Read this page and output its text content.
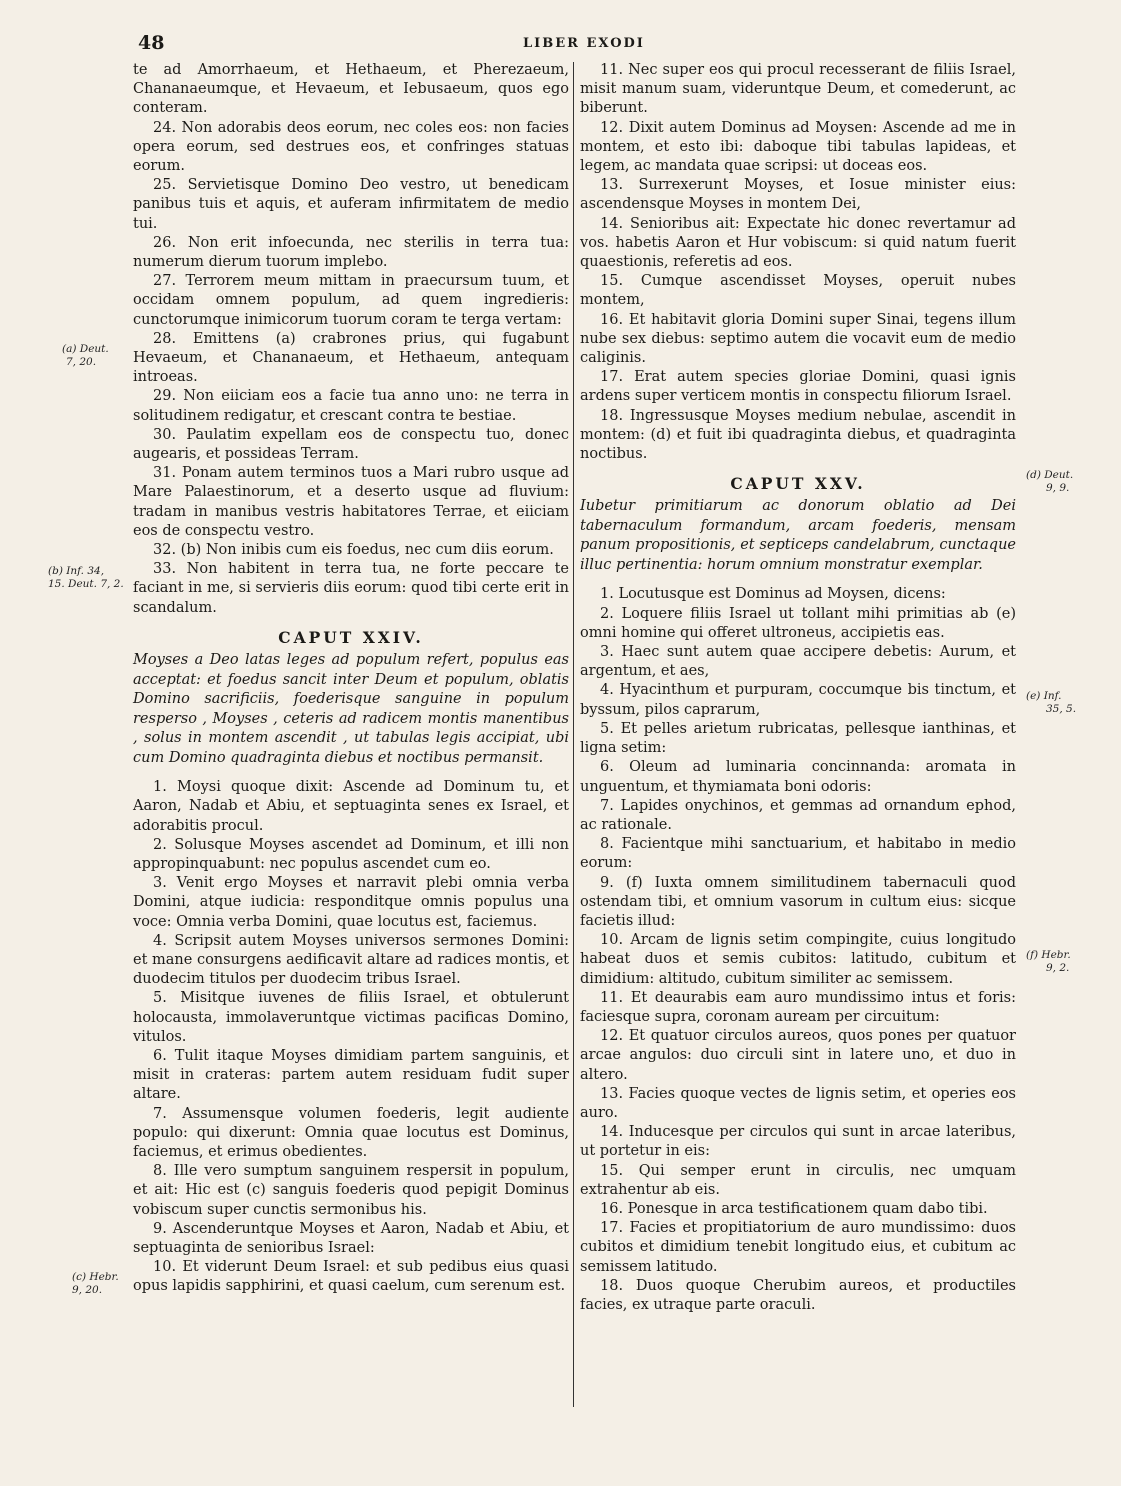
48	LIBER EXODI

te ad Amorrhaeum, et Hethaeum, et Pherezaeum, Chananaeumque, et Hevaeum, et Iebusaeum, quos ego conteram.

24. Non adorabis deos eorum, nec coles eos: non facies opera eorum, sed destrues eos, et confringes statuas eorum.

25. Servietisque Domino Deo vestro, ut benedicam panibus tuis et aquis, et auferam infirmitatem de medio tui.

26. Non erit infoecunda, nec sterilis in terra tua: numerum dierum tuorum implebo.

27. Terrorem meum mittam in praecursum tuum, et occidam omnem populum, ad quem ingredieris: cunctorumque inimicorum tuorum coram te terga vertam:

28. Emittens (a) crabrones prius, qui fugabunt Hevaeum, et Chananaeum, et Hethaeum, antequam introeas.

29. Non eiiciam eos a facie tua anno uno: ne terra in solitudinem redigatur, et crescant contra te bestiae.

30. Paulatim expellam eos de conspectu tuo, donec augearis, et possideas Terram.

31. Ponam autem terminos tuos a Mari rubro usque ad Mare Palaestinorum, et a deserto usque ad fluvium: tradam in manibus vestris habitatores Terrae, et eiiciam eos de conspectu vestro.

32. (b) Non inibis cum eis foedus, nec cum diis eorum.

33. Non habitent in terra tua, ne forte peccare te faciant in me, si servieris diis eorum: quod tibi certe erit in scandalum.

CAPUT XXIV.

Moyses a Deo latas leges ad populum refert, populus eas acceptat: et foedus sancit inter Deum et populum, oblatis Domino sacrificiis, foederisque sanguine in populum resperso , Moyses , ceteris ad radicem montis manentibus , solus in montem ascendit , ut tabulas legis accipiat, ubi cum Domino quadraginta diebus et noctibus permansit.

1. Moysi quoque dixit: Ascende ad Dominum tu, et Aaron, Nadab et Abiu, et septuaginta senes ex Israel, et adorabitis procul.

2. Solusque Moyses ascendet ad Dominum, et illi non appropinquabunt: nec populus ascendet cum eo.

3. Venit ergo Moyses et narravit plebi omnia verba Domini, atque iudicia: responditque omnis populus una voce: Omnia verba Domini, quae locutus est, faciemus.

4. Scripsit autem Moyses universos sermones Domini: et mane consurgens aedificavit altare ad radices montis, et duodecim titulos per duodecim tribus Israel.

5. Misitque iuvenes de filiis Israel, et obtulerunt holocausta, immolaveruntque victimas pacificas Domino, vitulos.

6. Tulit itaque Moyses dimidiam partem sanguinis, et misit in crateras: partem autem residuam fudit super altare.

7. Assumensque volumen foederis, legit audiente populo: qui dixerunt: Omnia quae locutus est Dominus, faciemus, et erimus obedientes.

8. Ille vero sumptum sanguinem respersit in populum, et ait: Hic est (c) sanguis foederis quod pepigit Dominus vobiscum super cunctis sermonibus his.

9. Ascenderuntque Moyses et Aaron, Nadab et Abiu, et septuaginta de senioribus Israel:

10. Et viderunt Deum Israel: et sub pedibus eius quasi opus lapidis sapphirini, et quasi caelum, cum serenum est.

11. Nec super eos qui procul recesserant de filiis Israel, misit manum suam, videruntque Deum, et comederunt, ac biberunt.

12. Dixit autem Dominus ad Moysen: Ascende ad me in montem, et esto ibi: daboque tibi tabulas lapideas, et legem, ac mandata quae scripsi: ut doceas eos.

13. Surrexerunt Moyses, et Iosue minister eius: ascendensque Moyses in montem Dei,

14. Senioribus ait: Expectate hic donec revertamur ad vos. habetis Aaron et Hur vobiscum: si quid natum fuerit quaestionis, referetis ad eos.

15. Cumque ascendisset Moyses, operuit nubes montem,

16. Et habitavit gloria Domini super Sinai, tegens illum nube sex diebus: septimo autem die vocavit eum de medio caliginis.

17. Erat autem species gloriae Domini, quasi ignis ardens super verticem montis in conspectu filiorum Israel.

18. Ingressusque Moyses medium nebulae, ascendit in montem: (d) et fuit ibi quadraginta diebus, et quadraginta noctibus.

CAPUT XXV.

Iubetur primitiarum ac donorum oblatio ad Dei tabernaculum formandum, arcam foederis, mensam panum propositionis, et septiceps candelabrum, cunctaque illuc pertinentia: horum omnium monstratur exemplar.

1. Locutusque est Dominus ad Moysen, dicens:

2. Loquere filiis Israel ut tollant mihi primitias ab (e) omni homine qui offeret ultroneus, accipietis eas.

3. Haec sunt autem quae accipere debetis: Aurum, et argentum, et aes,

4. Hyacinthum et purpuram, coccumque bis tinctum, et byssum, pilos caprarum,

5. Et pelles arietum rubricatas, pellesque ianthinas, et ligna setim:

6. Oleum ad luminaria concinnanda: aromata in unguentum, et thymiamata boni odoris:

7. Lapides onychinos, et gemmas ad ornandum ephod, ac rationale.

8. Facientque mihi sanctuarium, et habitabo in medio eorum:

9. (f) Iuxta omnem similitudinem tabernaculi quod ostendam tibi, et omnium vasorum in cultum eius: sicque facietis illud:

10. Arcam de lignis setim compingite, cuius longitudo habeat duos et semis cubitos: latitudo, cubitum et dimidium: altitudo, cubitum similiter ac semissem.

11. Et deaurabis eam auro mundissimo intus et foris: faciesque supra, coronam auream per circuitum:

12. Et quatuor circulos aureos, quos pones per quatuor arcae angulos: duo circuli sint in latere uno, et duo in altero.

13. Facies quoque vectes de lignis setim, et operies eos auro.

14. Inducesque per circulos qui sunt in arcae lateribus, ut portetur in eis:

15. Qui semper erunt in circulis, nec umquam extrahentur ab eis.

16. Ponesque in arca testificationem quam dabo tibi.

17. Facies et propitiatorium de auro mundissimo: duos cubitos et dimidium tenebit longitudo eius, et cubitum ac semissem latitudo.

18. Duos quoque Cherubim aureos, et productiles facies, ex utraque parte oraculi.

(a) Deut.
7, 20.
(b) Inf. 34,
15. Deut. 7, 2.
(c) Hebr.
9, 20.
(d) Deut.
9, 9.
(e) Inf.
35, 5.
(f) Hebr.
9, 2.
